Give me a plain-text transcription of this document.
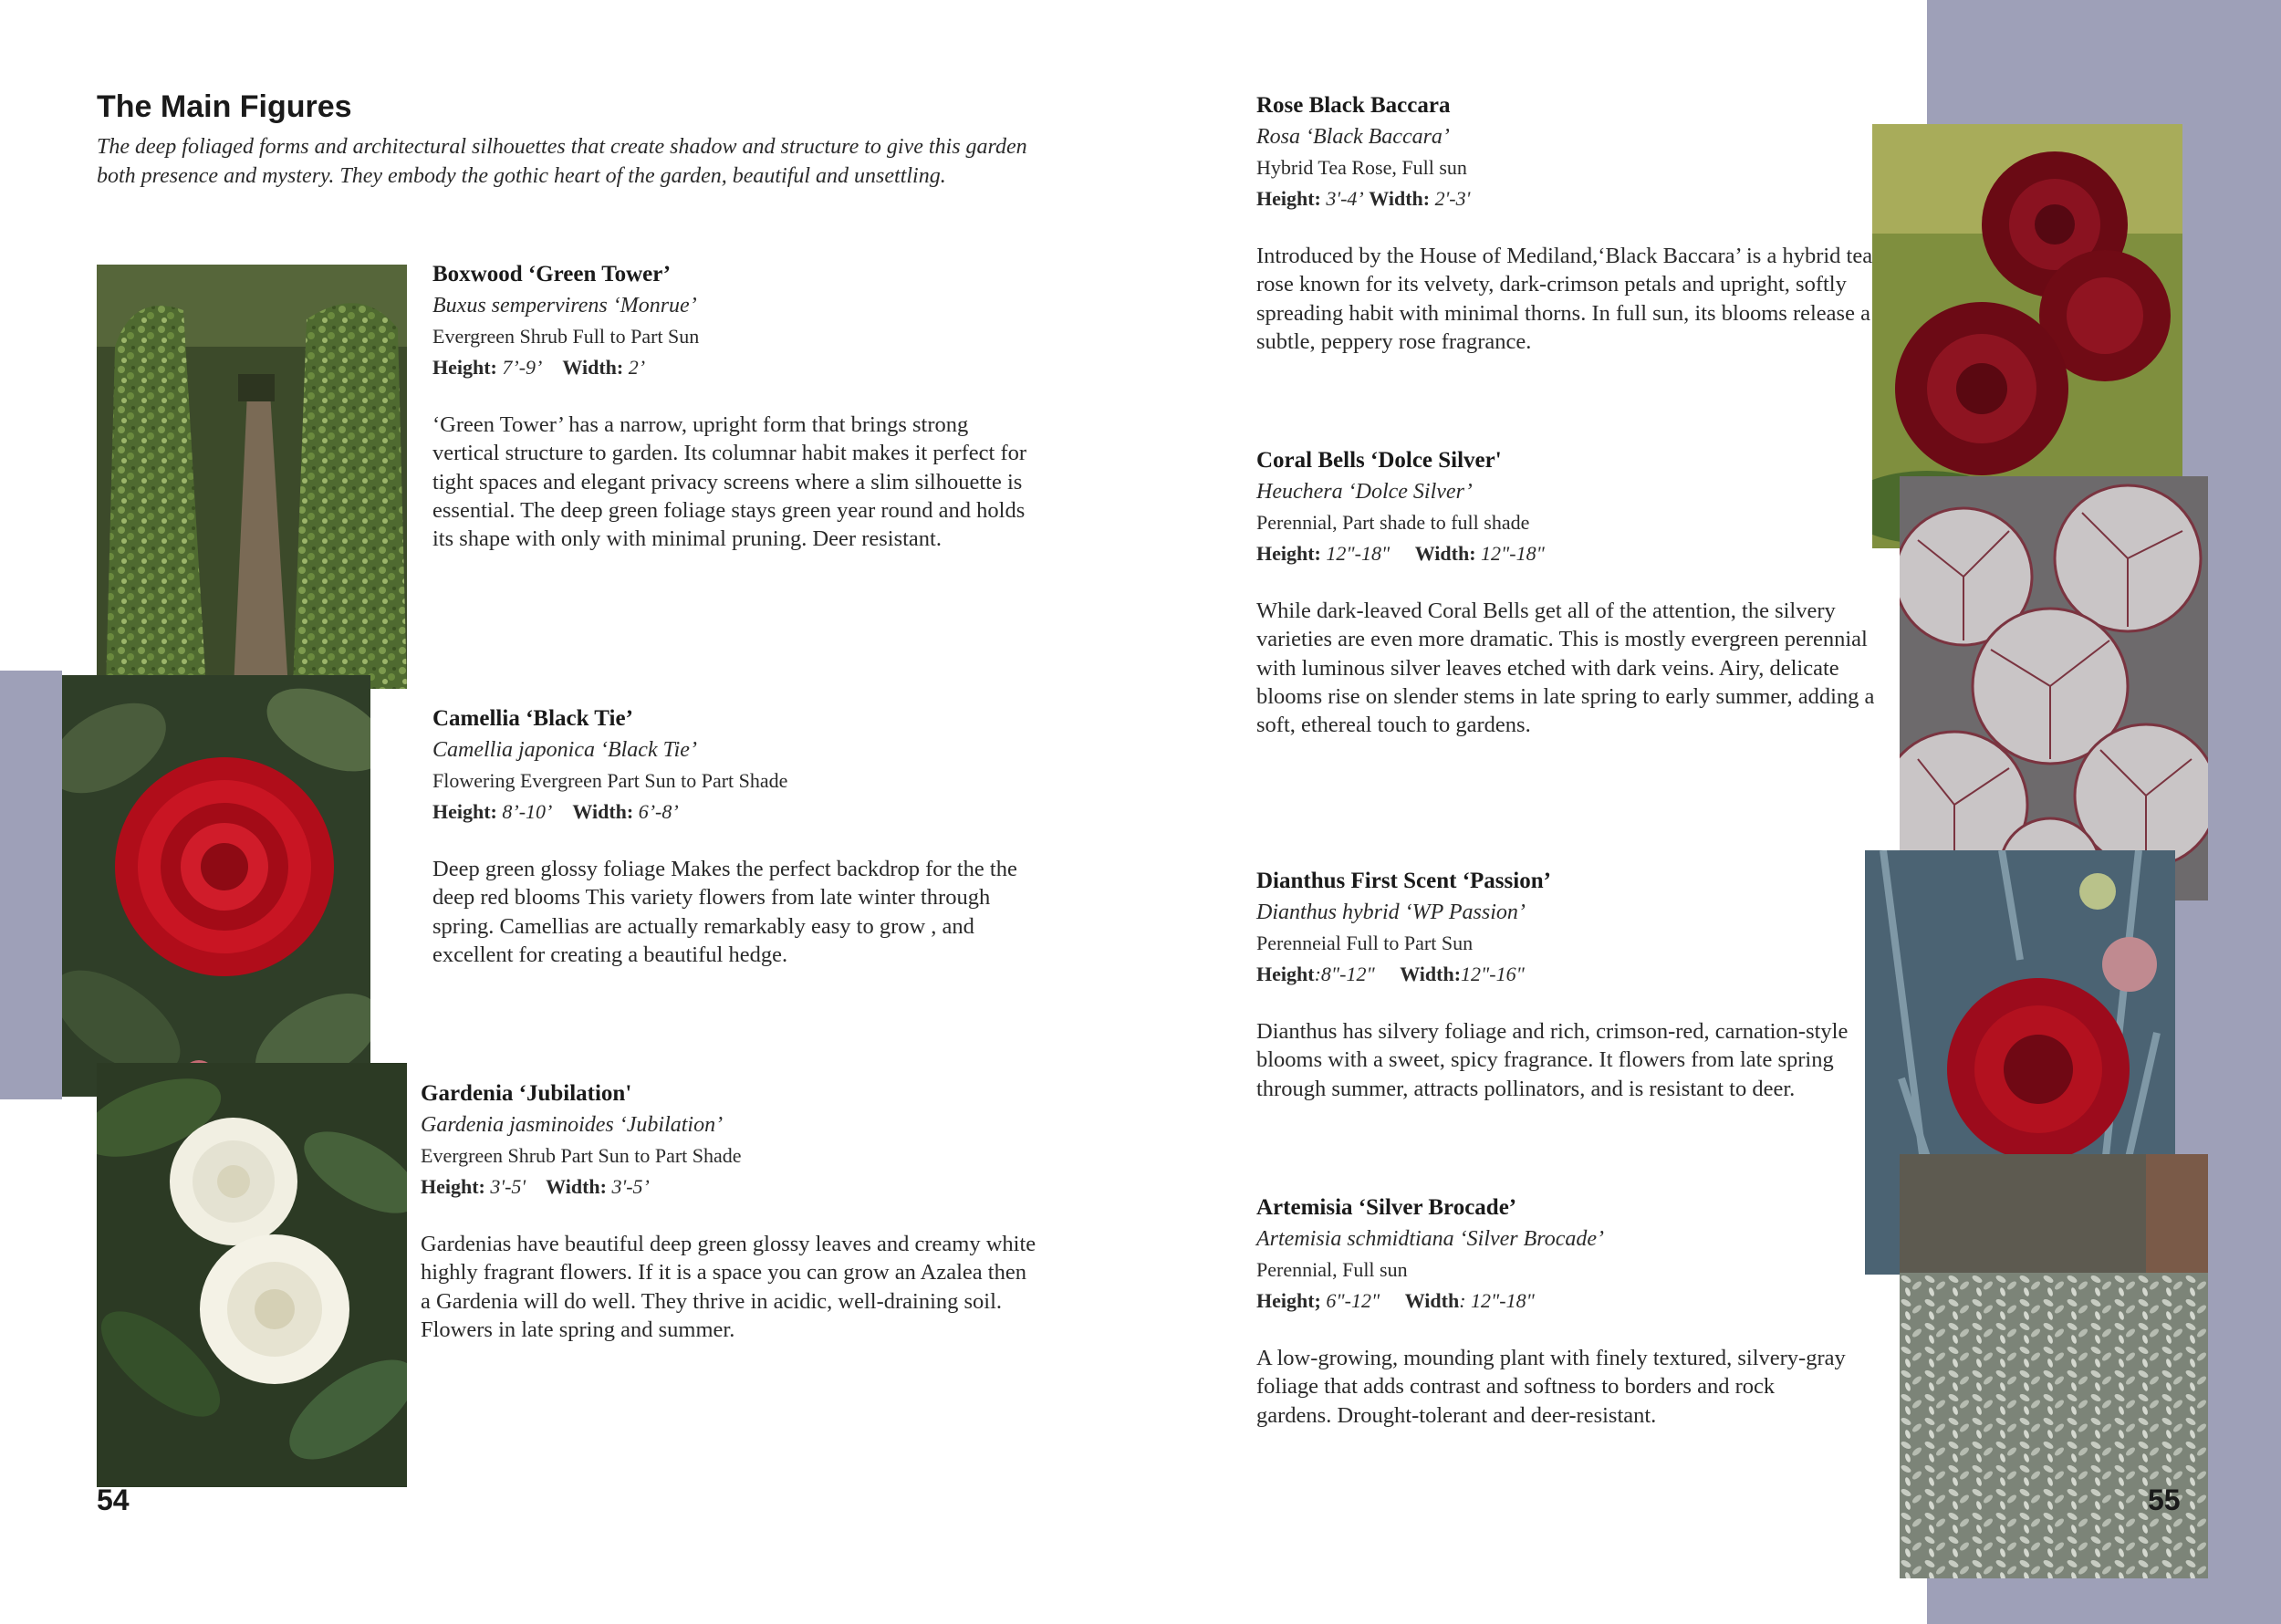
The Main Figures

The deep foliaged forms and architectural silhouettes that create shadow and structure to give this garden both presence and mystery. They embody the gothic heart of the garden, beautiful and unsettling.

Boxwood ‘Green Tower’

Buxus sempervirens ‘Monrue’

Evergreen Shrub Full to Part Sun

Height: 7’-9’ Width: 2’

‘Green Tower’ has a narrow, upright form that brings strong vertical structure to garden. Its columnar habit makes it perfect for tight spaces and elegant privacy screens where a slim silhouette is essential. The deep green foliage stays green year round and holds its shape with only with minimal pruning. Deer resistant.

Camellia ‘Black Tie’

Camellia japonica ‘Black Tie’

Flowering Evergreen Part Sun to Part Shade

Height: 8’-10’ Width: 6’-8’

Deep green glossy foliage Makes the perfect backdrop for the the deep red blooms This variety flowers from late winter through spring. Camellias are actually remarkably easy to grow , and excellent for creating a beautiful hedge.

Gardenia ‘Jubilation'

Gardenia jasminoides ‘Jubilation’

Evergreen Shrub Part Sun to Part Shade

Height: 3'-5' Width: 3'-5’

Gardenias have beautiful deep green glossy leaves and creamy white highly fragrant flowers. If it is a space you can grow an Azalea then a Gardenia will do well. They thrive in acidic, well-draining soil. Flowers in late spring and summer.

54

Rose Black Baccara

Rosa ‘Black Baccara’

Hybrid Tea Rose, Full sun

Height: 3'-4’ Width: 2'-3'

Introduced by the House of Mediland,‘Black Baccara’ is a hybrid tea rose known for its velvety, dark-crimson petals and upright, softly spreading habit with minimal thorns. In full sun, its blooms release a subtle, peppery rose fragrance.

Coral Bells ‘Dolce Silver'

Heuchera ‘Dolce Silver’

Perennial, Part shade to full shade

Height: 12"-18" Width: 12"-18"

While dark-leaved Coral Bells get all of the attention, the silvery varieties are even more dramatic. This is mostly evergreen perennial with luminous silver leaves etched with dark veins. Airy, delicate blooms rise on slender stems in late spring to early summer, adding a soft, ethereal touch to gardens.

Dianthus First Scent ‘Passion’

Dianthus hybrid ‘WP Passion’

Perenneial Full to Part Sun

Height:8"-12" Width:12"-16"

Dianthus has silvery foliage and rich, crimson-red, carnation-style blooms with a sweet, spicy fragrance. It flowers from late spring through summer, attracts pollinators, and is resistant to deer.

Artemisia ‘Silver Brocade’

Artemisia schmidtiana ‘Silver Brocade’

Perennial, Full sun

Height; 6"-12" Width: 12"-18"

A low-growing, mounding plant with finely textured, silvery-gray foliage that adds contrast and softness to borders and rock gardens. Drought-tolerant and deer-resistant.

55
